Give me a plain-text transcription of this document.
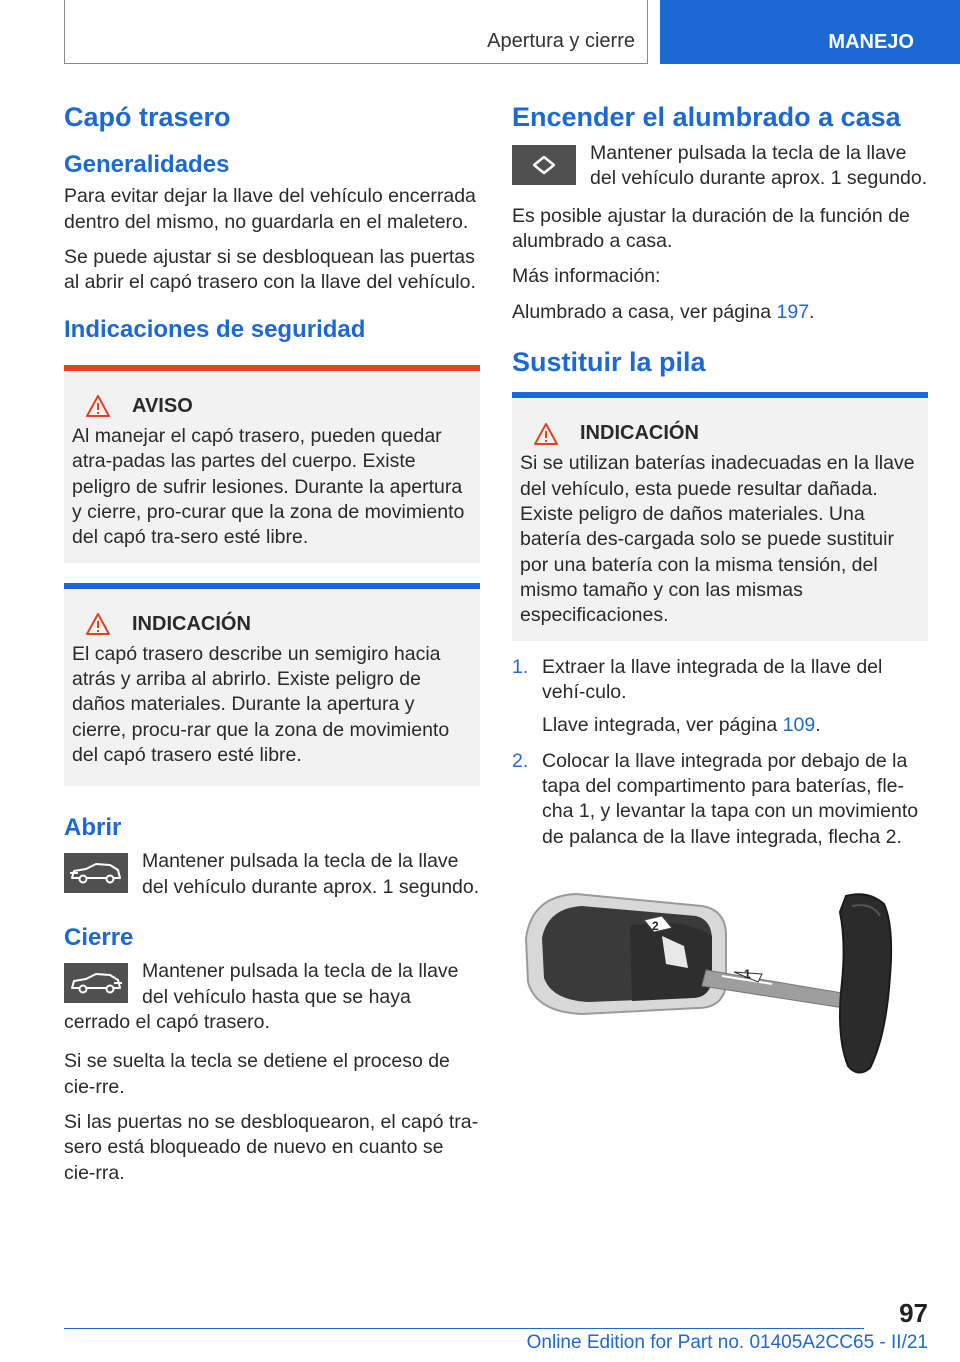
Apertura y cierre	MANEJO
Capó trasero
Generalidades

Para evitar dejar la llave del vehículo encerrada dentro del mismo, no guardarla en el maletero.

Se puede ajustar si se desbloquean las puertas al abrir el capó trasero con la llave del vehículo.

Indicaciones de seguridad
AVISO

Al manejar el capó trasero, pueden quedar atra-padas las partes del cuerpo. Existe peligro de sufrir lesiones. Durante la apertura y cierre, pro-curar que la zona de movimiento del capó tra-sero esté libre.

INDICACIÓN

El capó trasero describe un semigiro hacia atrás y arriba al abrirlo. Existe peligro de daños materiales. Durante la apertura y cierre, procu-rar que la zona de movimiento del capó trasero esté libre.

Abrir

Mantener pulsada la tecla de la llave del vehículo durante aprox. 1 segundo.

Cierre

Mantener pulsada la tecla de la llave del vehículo hasta que se haya cerrado el capó trasero.

Si se suelta la tecla se detiene el proceso de cie-rre.

Si las puertas no se desbloquearon, el capó tra-sero está bloqueado de nuevo en cuanto se cie-rra.

Encender el alumbrado a casa

Mantener pulsada la tecla de la llave del vehículo durante aprox. 1 segundo.

Es posible ajustar la duración de la función de alumbrado a casa.

Más información:

Alumbrado a casa, ver página 197.

Sustituir la pila
INDICACIÓN

Si se utilizan baterías inadecuadas en la llave del vehículo, esta puede resultar dañada. Existe peligro de daños materiales. Una batería des-cargada solo se puede sustituir por una batería con la misma tensión, del mismo tamaño y con las mismas especificaciones.

1. Extraer la llave integrada de la llave del vehí-culo.

Llave integrada, ver página 109.

2. Colocar la llave integrada por debajo de la tapa del compartimento para baterías, fle-cha 1, y levantar la tapa con un movimiento de palanca de la llave integrada, flecha 2.

2
1
97
Online Edition for Part no. 01405A2CC65 - II/21
